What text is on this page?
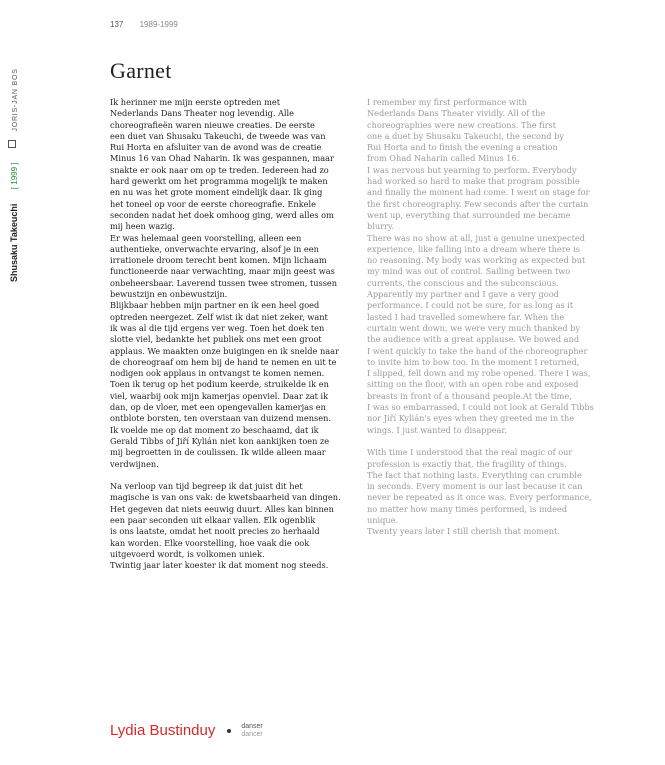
137 1989-1999
Garnet
Shusaku Takeuchi [ 1999 ]  JORIS-JAN BOS	Ik herinner me mijn eerste optreden met
Nederlands Dans Theater nog levendig. Alle
choreografieën waren nieuwe creaties. De eerste
een duet van Shusaku Takeuchi, de tweede was van
Rui Horta en afsluiter van de avond was de creatie
Minus 16 van Ohad Naharin. Ik was gespannen, maar
snakte er ook naar om op te treden. Iedereen had zo
hard gewerkt om het programma mogelijk te maken
en nu was het grote moment eindelijk daar. Ik ging
het toneel op voor de eerste choreografie. Enkele
seconden nadat het doek omhoog ging, werd alles om
mij heen wazig.
Er was helemaal geen voorstelling, alleen een
authentieke, onverwachte ervaring, alsof je in een
irrationele droom terecht bent komen. Mijn lichaam
functioneerde naar verwachting, maar mijn geest was
onbeheersbaar. Laverend tussen twee stromen, tussen
bewustzijn en onbewustzijn.
Blijkbaar hebben mijn partner en ik een heel goed
optreden neergezet. Zelf wist ik dat niet zeker, want
ik was al die tijd ergens ver weg. Toen het doek ten
slotte viel, bedankte het publiek ons met een groot
applaus. We maakten onze buigingen en ik snelde naar
de choreograaf om hem bij de hand te nemen en uit te
nodigen ook applaus in ontvangst te komen nemen.
Toen ik terug op het podium keerde, struikelde ik en
viel, waarbij ook mijn kamerjas openviel. Daar zat ik
dan, op de vloer, met een opengevallen kamerjas en
ontblote borsten, ten overstaan van duizend mensen.
Ik voelde me op dat moment zo beschaamd, dat ik
Gerald Tibbs of Jiří Kylián niet kon aankijken toen ze
mij begroetten in de coulissen. Ik wilde alleen maar
verdwijnen.

Na verloop van tijd begreep ik dat juist dit het
magische is van ons vak: de kwetsbaarheid van dingen.
Het gegeven dat niets eeuwig duurt. Alles kan binnen
een paar seconden uit elkaar vallen. Elk ogenblik
is ons laatste, omdat het nooit precies zo herhaald
kan worden. Elke voorstelling, hoe vaak die ook
uitgevoerd wordt, is volkomen uniek.
Twintig jaar later koester ik dat moment nog steeds.

I remember my first performance with
Nederlands Dans Theater vividly. All of the
choreographies were new creations. The first
one a duet by Shusaku Takeuchi, the second by
Rui Horta and to finish the evening a creation
from Ohad Naharin called Minus 16.
I was nervous but yearning to perform. Everybody
had worked so hard to make that program possible
and finally the moment had come. I went on stage for
the first choreography. Few seconds after the curtain
went up, everything that surrounded me became
blurry.
There was no show at all, just a genuine unexpected
experience, like falling into a dream where there is
no reasoning. My body was working as expected but
my mind was out of control. Sailing between two
currents, the conscious and the subconscious.
Apparently my partner and I gave a very good
performance. I could not be sure, for as long as it
lasted I had travelled somewhere far. When the
curtain went down, we were very much thanked by
the audience with a great applause. We bowed and
I went quickly to take the hand of the choreographer
to invite him to bow too. In the moment I returned,
I slipped, fell down and my robe opened. There I was,
sitting on the floor, with an open robe and exposed
breasts in front of a thousand people.At the time,
I was so embarrassed, I could not look at Gerald Tibbs
nor Jiří Kylián's eyes when they greeted me in the
wings. I just wanted to disappear.

With time I understood that the real magic of our
profession is exactly that, the fragility of things.
The fact that nothing lasts. Everything can crumble
in seconds. Every moment is our last because it can
never be repeated as it once was. Every performance,
no matter how many times performed, is indeed
unique.
Twenty years later I still cherish that moment.

Lydia Bustinduy	danser
dancer
